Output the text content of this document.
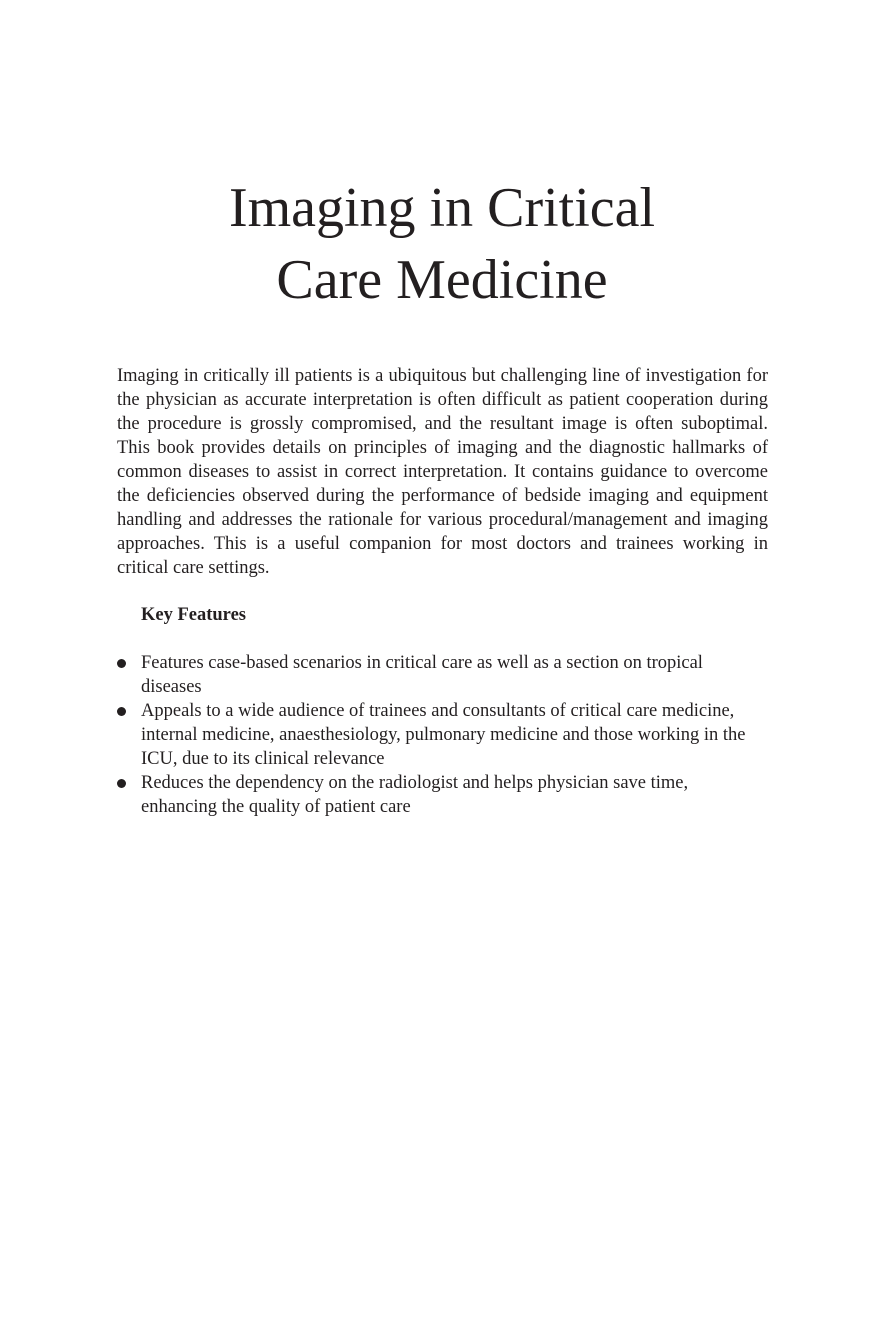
Imaging in Critical
Care Medicine

Imaging in critically ill patients is a ubiquitous but challenging line of investigation for the physician as accurate interpretation is often difficult as patient cooperation during the procedure is grossly compromised, and the resultant image is often suboptimal. This book provides details on principles of imaging and the diagnostic hallmarks of common diseases to assist in correct interpretation. It contains guidance to overcome the deficiencies observed during the performance of bedside imaging and equipment handling and addresses the rationale for various procedural/management and imaging approaches. This is a useful companion for most doctors and trainees working in critical care settings.

Key Features

Features case-based scenarios in critical care as well as a section on tropical diseases
Appeals to a wide audience of trainees and consultants of critical care medicine, internal medicine, anaesthesiology, pulmonary medicine and those working in the ICU, due to its clinical relevance
Reduces the dependency on the radiologist and helps physician save time, enhancing the quality of patient care
